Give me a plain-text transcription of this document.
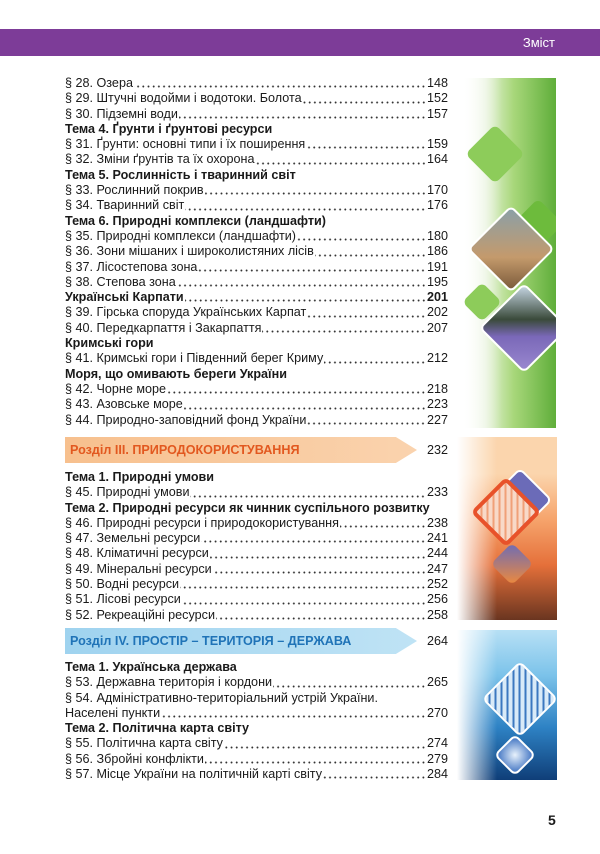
Зміст
§ 28. Озера	148
§ 29. Штучні водойми і водотоки. Болота	152
§ 30. Підземні води	157
Тема 4. Ґрунти і ґрунтові ресурси
§ 31. Ґрунти: основні типи і їх поширення	159
§ 32. Зміни ґрунтів та їх охорона	164
Тема 5. Рослинність і тваринний світ
§ 33. Рослинний покрив	170
§ 34. Тваринний світ	176
Тема 6. Природні комплекси (ландшафти)
§ 35. Природні комплекси (ландшафти)	180
§ 36. Зони мішаних і широколистяних лісів	186
§ 37. Лісостепова зона	191
§ 38. Степова зона	195
Українські Карпати	201
§ 39. Гірська споруда Українських Карпат	202
§ 40. Передкарпаття і Закарпаття	207
Кримські гори
§ 41. Кримські гори і Південний берег Криму	212
Моря, що омивають береги України
§ 42. Чорне море	218
§ 43. Азовське море	223
§ 44. Природно-заповідний фонд України	227
Розділ ІІІ. ПРИРОДОКОРИСТУВАННЯ	232
Тема 1. Природні умови
§ 45. Природні умови	233
Тема 2. Природні ресурси як чинник суспільного розвитку
§ 46. Природні ресурси і природокористування	238
§ 47. Земельні ресурси	241
§ 48. Кліматичні ресурси	244
§ 49. Мінеральні ресурси	247
§ 50. Водні ресурси	252
§ 51. Лісові ресурси	256
§ 52. Рекреаційні ресурси	258
Розділ IV. ПРОСТІР – ТЕРИТОРІЯ – ДЕРЖАВА	264
Тема 1. Українська держава
§ 53. Державна територія і кордони	265
§ 54. Адміністративно-територіальний устрій України.
Населені пункти	270
Тема 2. Політична карта світу
§ 55. Політична карта світу	274
§ 56. Збройні конфлікти	279
§ 57. Місце України на політичній карті світу	284
5
